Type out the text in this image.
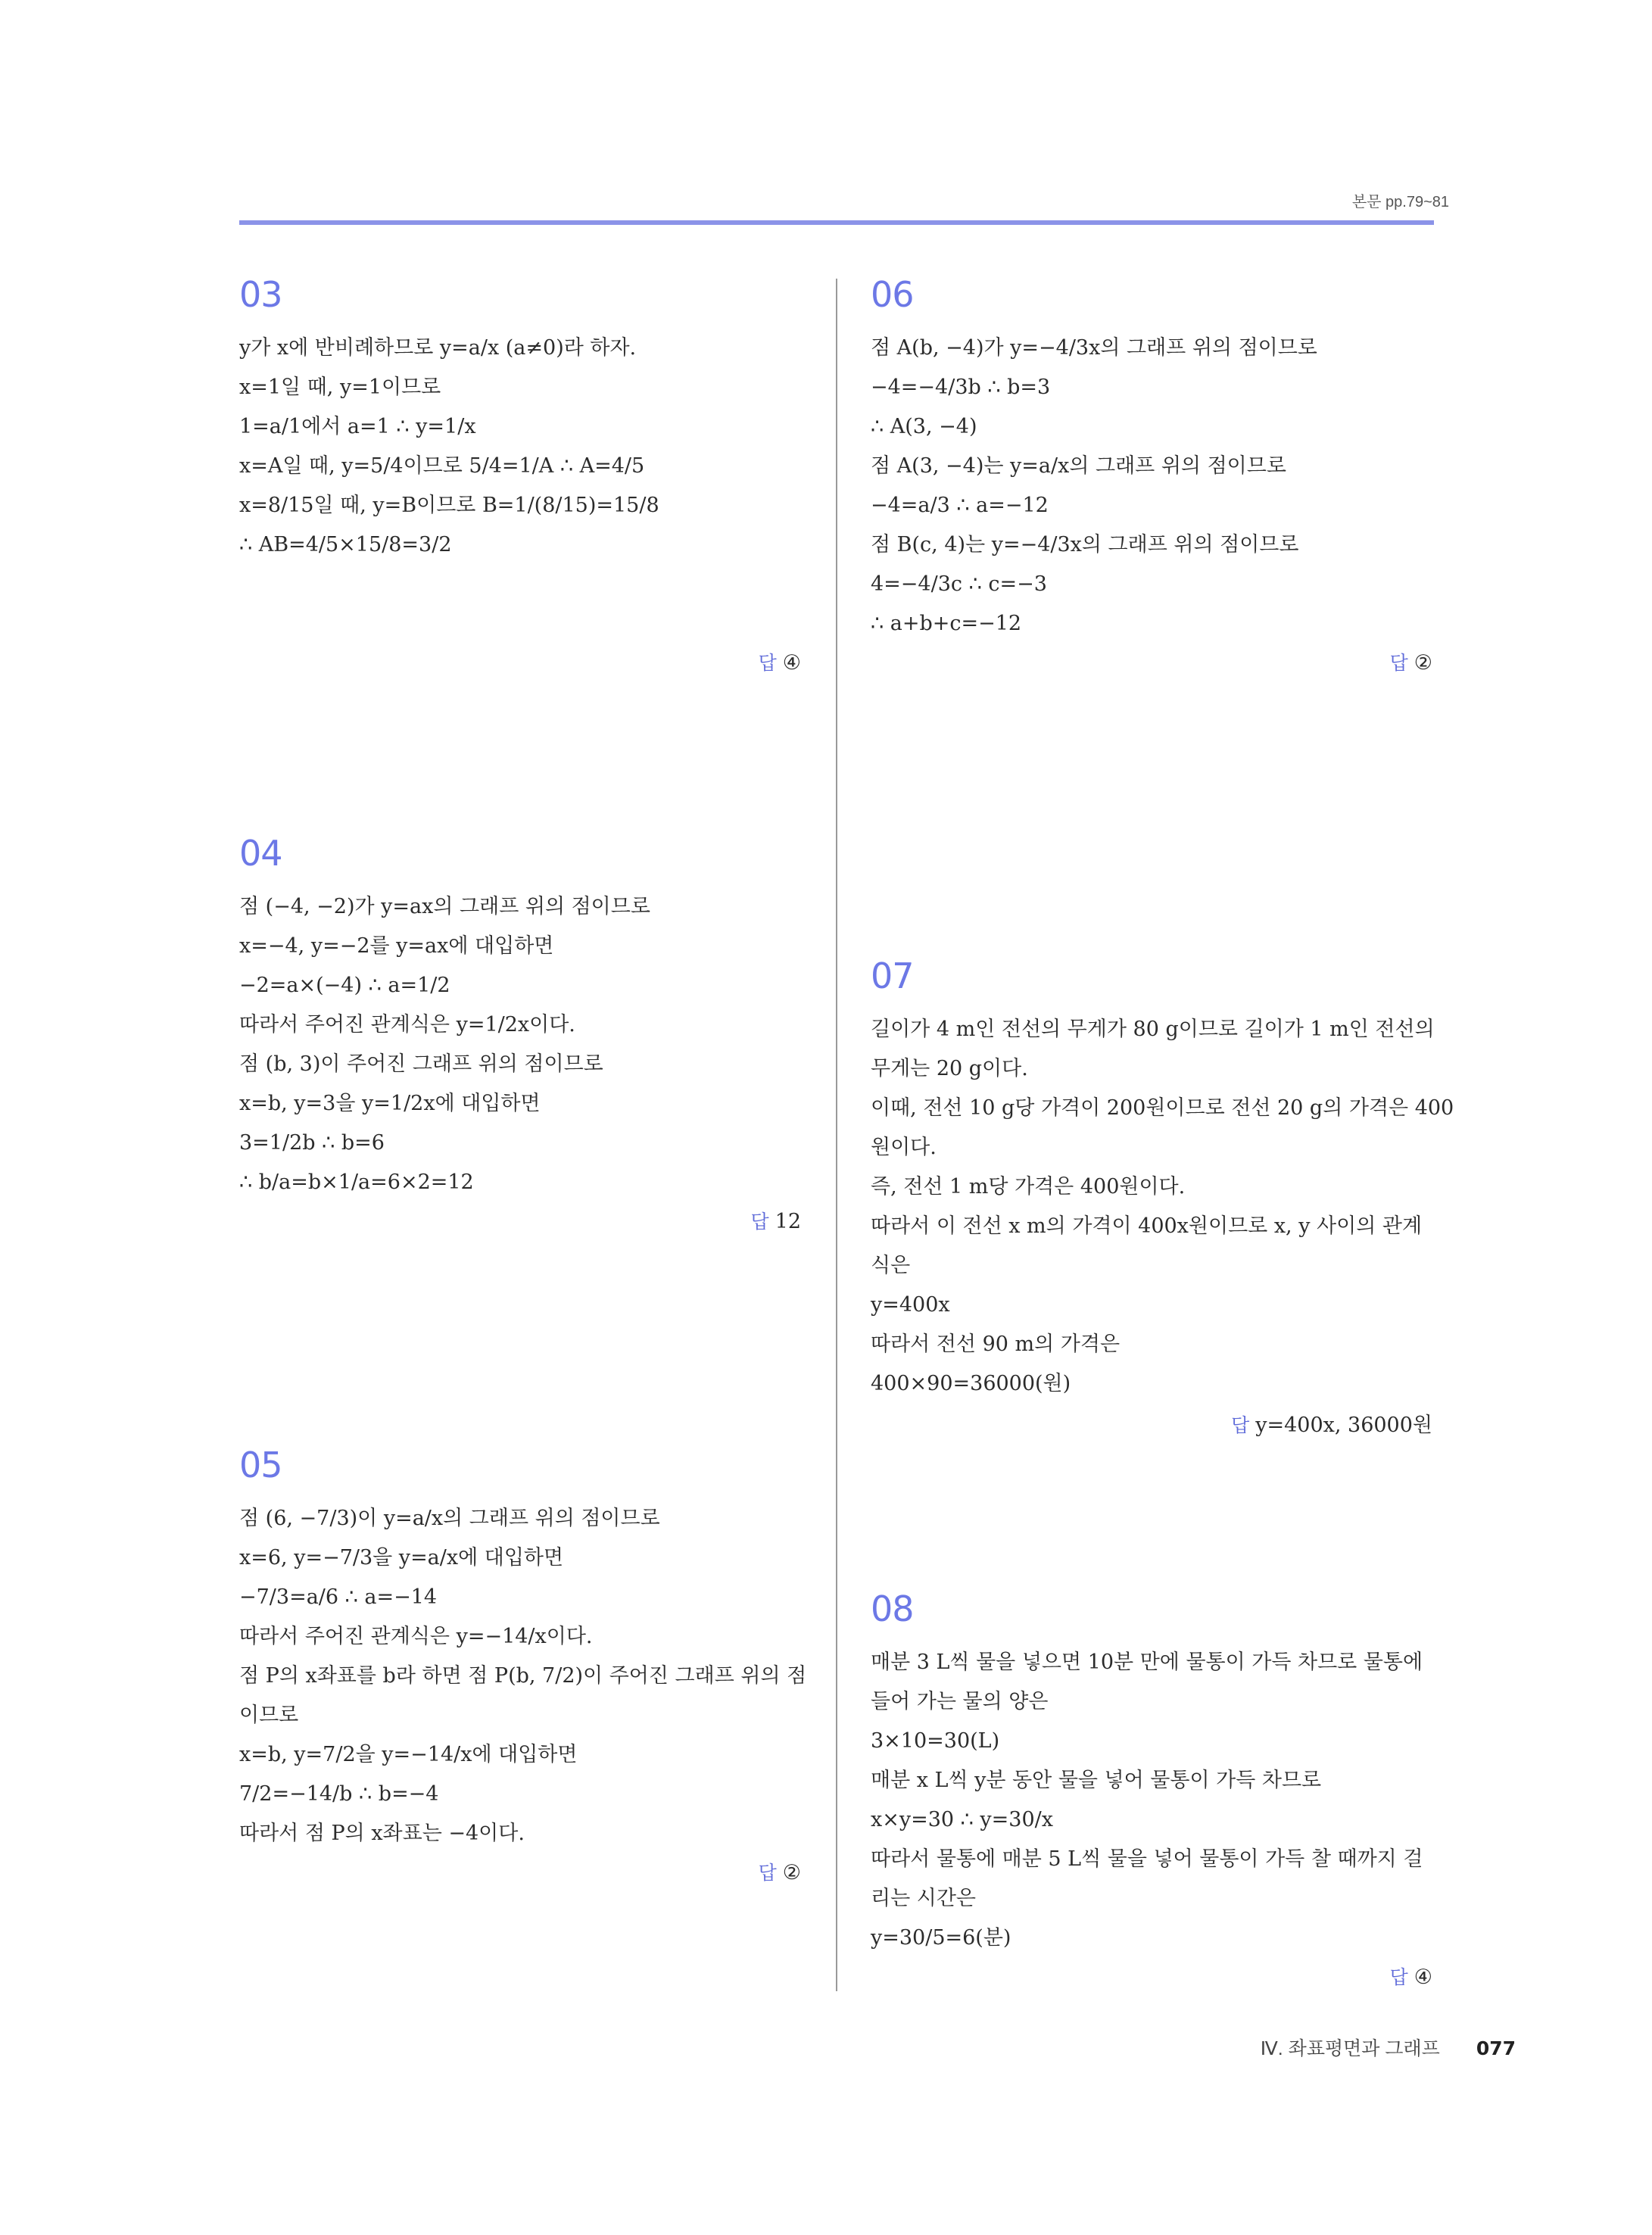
본문 pp.79~81
03
y가 x에 반비례하므로 y=a/x (a≠0)라 하자.
x=1일 때, y=1이므로
1=a/1에서 a=1 ∴ y=1/x
x=A일 때, y=5/4이므로 5/4=1/A ∴ A=4/5
x=8/15일 때, y=B이므로 B=1/(8/15)=15/8
∴ AB=4/5×15/8=3/2
답 ④
04
점 (−4, −2)가 y=ax의 그래프 위의 점이므로
x=−4, y=−2를 y=ax에 대입하면
−2=a×(−4) ∴ a=1/2
따라서 주어진 관계식은 y=1/2x이다.
점 (b, 3)이 주어진 그래프 위의 점이므로
x=b, y=3을 y=1/2x에 대입하면
3=1/2b ∴ b=6
∴ b/a=b×1/a=6×2=12
답 12
05
점 (6, −7/3)이 y=a/x의 그래프 위의 점이므로
x=6, y=−7/3을 y=a/x에 대입하면
−7/3=a/6 ∴ a=−14
따라서 주어진 관계식은 y=−14/x이다.
점 P의 x좌표를 b라 하면 점 P(b, 7/2)이 주어진 그래프 위의 점
이므로
x=b, y=7/2을 y=−14/x에 대입하면
7/2=−14/b ∴ b=−4
따라서 점 P의 x좌표는 −4이다.
답 ②
06
점 A(b, −4)가 y=−4/3x의 그래프 위의 점이므로
−4=−4/3b ∴ b=3
∴ A(3, −4)
점 A(3, −4)는 y=a/x의 그래프 위의 점이므로
−4=a/3 ∴ a=−12
점 B(c, 4)는 y=−4/3x의 그래프 위의 점이므로
4=−4/3c ∴ c=−3
∴ a+b+c=−12
답 ②
07
길이가 4 m인 전선의 무게가 80 g이므로 길이가 1 m인 전선의
무게는 20 g이다.
이때, 전선 10 g당 가격이 200원이므로 전선 20 g의 가격은 400
원이다.
즉, 전선 1 m당 가격은 400원이다.
따라서 이 전선 x m의 가격이 400x원이므로 x, y 사이의 관계
식은
y=400x
따라서 전선 90 m의 가격은
400×90=36000(원)
답 y=400x, 36000원
08
매분 3 L씩 물을 넣으면 10분 만에 물통이 가득 차므로 물통에
들어 가는 물의 양은
3×10=30(L)
매분 x L씩 y분 동안 물을 넣어 물통이 가득 차므로
x×y=30 ∴ y=30/x
따라서 물통에 매분 5 L씩 물을 넣어 물통이 가득 찰 때까지 걸
리는 시간은
y=30/5=6(분)
답 ④
Ⅳ. 좌표평면과 그래프 077
